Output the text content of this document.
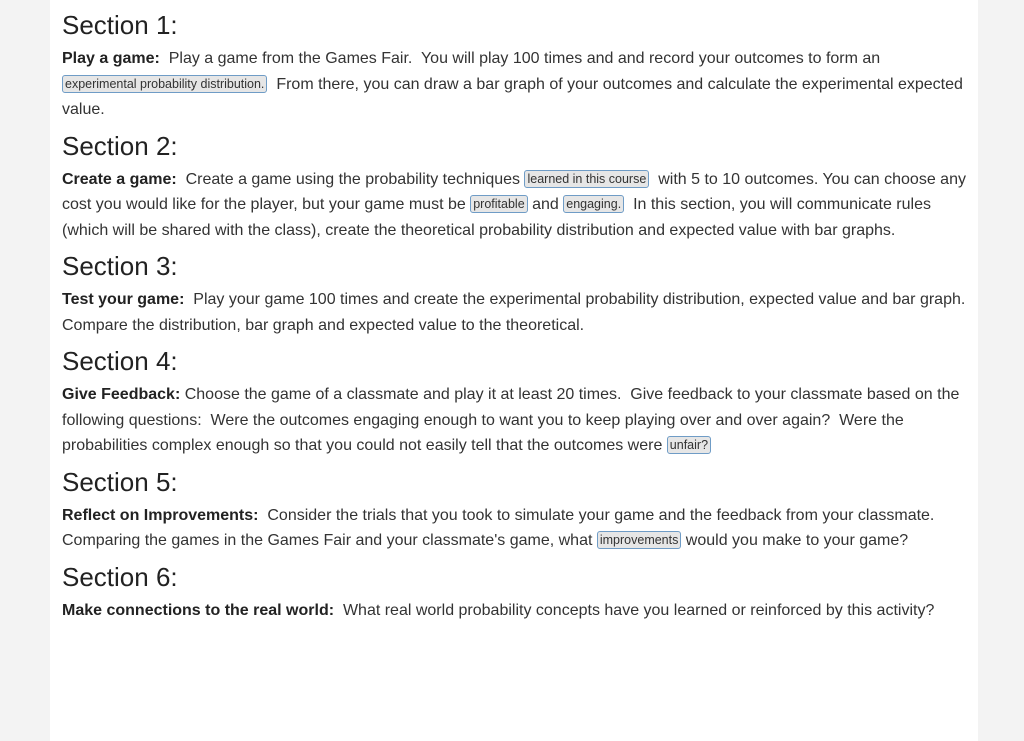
Section 1:

Play a game:  Play a game from the Games Fair.  You will play 100 times and and record your outcomes to form an experimental probability distribution.  From there, you can draw a bar graph of your outcomes and calculate the experimental expected value.

Section 2:

Create a game:  Create a game using the probability techniques learned in this course  with 5 to 10 outcomes. You can choose any cost you would like for the player, but your game must be profitable and engaging.  In this section, you will communicate rules (which will be shared with the class), create the theoretical probability distribution and expected value with bar graphs.

Section 3:

Test your game:  Play your game 100 times and create the experimental probability distribution, expected value and bar graph.  Compare the distribution, bar graph and expected value to the theoretical.

Section 4:

Give Feedback: Choose the game of a classmate and play it at least 20 times.  Give feedback to your classmate based on the following questions:  Were the outcomes engaging enough to want you to keep playing over and over again?  Were the probabilities complex enough so that you could not easily tell that the outcomes were unfair?

Section 5:

Reflect on Improvements:  Consider the trials that you took to simulate your game and the feedback from your classmate.  Comparing the games in the Games Fair and your classmate's game, what improvements would you make to your game?

Section 6:

Make connections to the real world:  What real world probability concepts have you learned or reinforced by this activity?
